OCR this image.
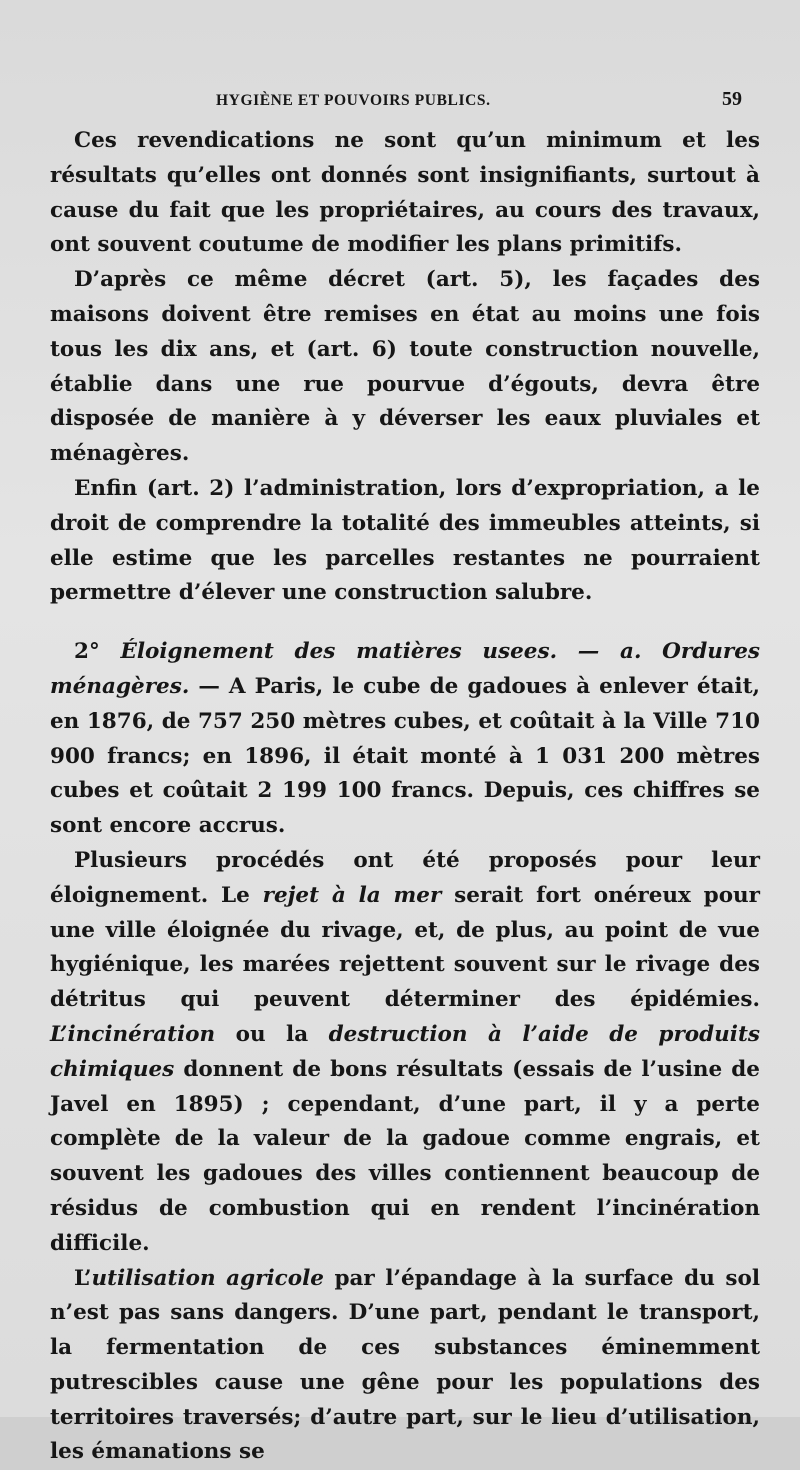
HYGIÈNE ET POUVOIRS PUBLICS.	59

Ces revendications ne sont qu’un minimum et les résultats qu’elles ont donnés sont insignifiants, surtout à cause du fait que les propriétaires, au cours des travaux, ont souvent coutume de modifier les plans primitifs.

D’après ce même décret (art. 5), les façades des maisons doivent être remises en état au moins une fois tous les dix ans, et (art. 6) toute construction nouvelle, établie dans une rue pourvue d’égouts, devra être disposée de manière à y déverser les eaux pluviales et ménagères.

Enfin (art. 2) l’administration, lors d’expropriation, a le droit de comprendre la totalité des immeubles atteints, si elle estime que les parcelles restantes ne pourraient permettre d’élever une construction salubre.

2° Éloignement des matières usees. — a. Ordures ménagères. — A Paris, le cube de gadoues à enlever était, en 1876, de 757 250 mètres cubes, et coûtait à la Ville 710 900 francs; en 1896, il était monté à 1 031 200 mètres cubes et coûtait 2 199 100 francs. Depuis, ces chiffres se sont encore accrus.

Plusieurs procédés ont été proposés pour leur éloignement. Le rejet à la mer serait fort onéreux pour une ville éloignée du rivage, et, de plus, au point de vue hygiénique, les marées rejettent souvent sur le rivage des détritus qui peuvent déterminer des épidémies. L’incinération ou la destruction à l’aide de produits chimiques donnent de bons résultats (essais de l’usine de Javel en 1895) ; cependant, d’une part, il y a perte complète de la valeur de la gadoue comme engrais, et souvent les gadoues des villes contiennent beaucoup de résidus de combustion qui en rendent l’incinération difficile.

L’utilisation agricole par l’épandage à la surface du sol n’est pas sans dangers. D’une part, pendant le transport, la fermentation de ces substances éminemment putrescibles cause une gêne pour les populations des territoires traversés; d’autre part, sur le lieu d’utilisation, les émanations se
